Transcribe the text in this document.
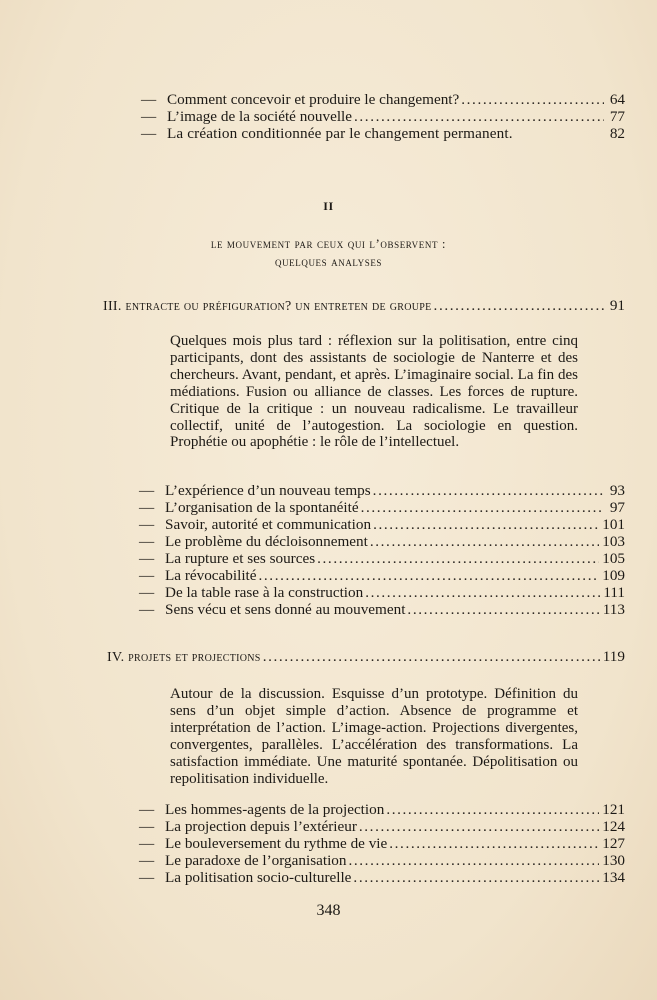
— Comment concevoir et produire le changement? .....	64
— L’image de la société nouvelle .....	77
— La création conditionnée par le changement permanent.	82
II
le mouvement par ceux qui l’observent :
quelques analyses
III. entracte ou préfiguration? un entreten de groupe .....	91
Quelques mois plus tard : réflexion sur la politisation, entre cinq participants, dont des assistants de sociologie de Nanterre et des chercheurs. Avant, pendant, et après. L’imaginaire social. La fin des médiations. Fusion ou alliance de classes. Les forces de rupture. Critique de la critique : un nouveau radicalisme. Le travailleur collectif, unité de l’autogestion. La sociologie en question. Prophétie ou apophétie : le rôle de l’intellectuel.
— L’expérience d’un nouveau temps .....	93
— L’organisation de la spontanéité .....	97
— Savoir, autorité et communication .....	101
— Le problème du décloisonnement .....	103
— La rupture et ses sources .....	105
— La révocabilité .....	109
— De la table rase à la construction .....	111
— Sens vécu et sens donné au mouvement .....	113
IV. projets et projections .....	119
Autour de la discussion. Esquisse d’un prototype. Définition du sens d’un objet simple d’action. Absence de programme et interprétation de l’action. L’image-action. Projections divergentes, convergentes, parallèles. L’accélération des transformations. La satisfaction immédiate. Une maturité spontanée. Dépolitisation ou repolitisation individuelle.
— Les hommes-agents de la projection .....	121
— La projection depuis l’extérieur .....	124
— Le bouleversement du rythme de vie .....	127
— Le paradoxe de l’organisation .....	130
— La politisation socio-culturelle .....	134
348
